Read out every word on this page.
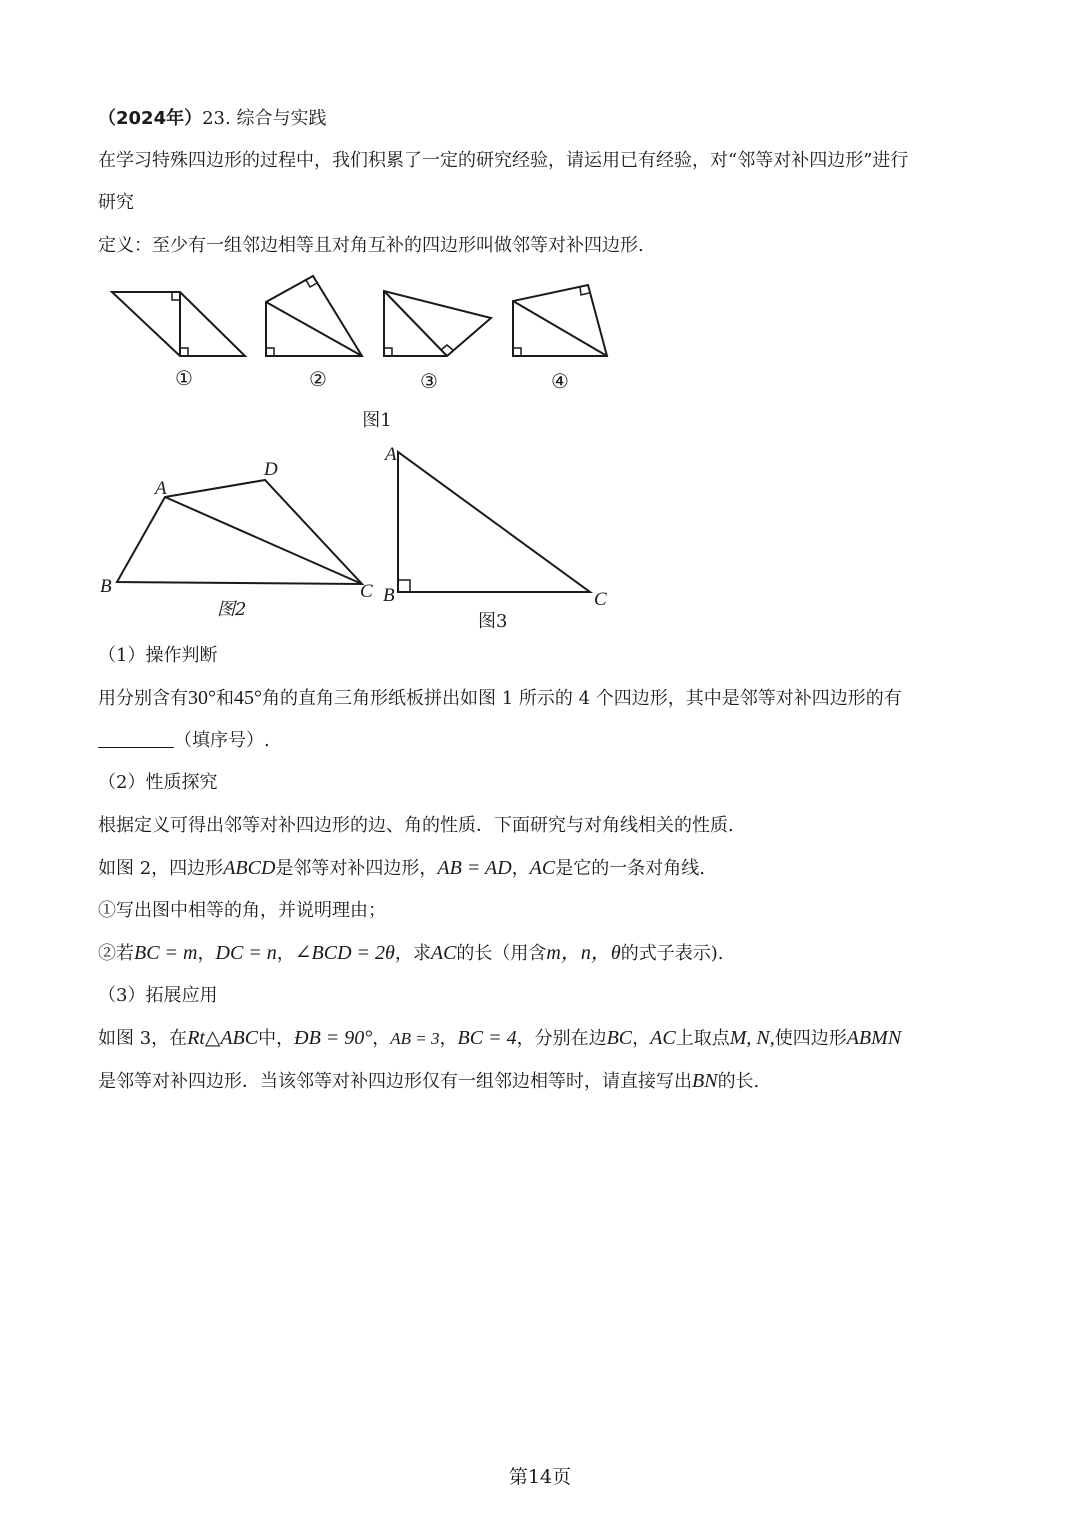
（2024年）23. 综合与实践
在学习特殊四边形的过程中，我们积累了一定的研究经验，请运用已有经验，对“邻等对补四边形”进行
研究
定义：至少有一组邻边相等且对角互补的四边形叫做邻等对补四边形.
①	②	③	④
图1
A
D
B	C
图2
A
B	C
图3
（1）操作判断
用分别含有30°和45°角的直角三角形纸板拼出如图 1 所示的 4 个四边形，其中是邻等对补四边形的有
（填序号）.
（2）性质探究
根据定义可得出邻等对补四边形的边、角的性质．下面研究与对角线相关的性质.
如图 2，四边形ABCD是邻等对补四边形，AB = AD，AC是它的一条对角线.
①写出图中相等的角，并说明理由；
②若BC = m，DC = n，∠BCD = 2θ，求AC的长（用含m，n，θ的式子表示).
（3）拓展应用
如图 3，在Rt△ABC中，ÐB = 90°，AB = 3，BC = 4，分别在边BC，AC上取点M, N,使四边形ABMN
是邻等对补四边形．当该邻等对补四边形仅有一组邻边相等时，请直接写出BN的长.
第14页
